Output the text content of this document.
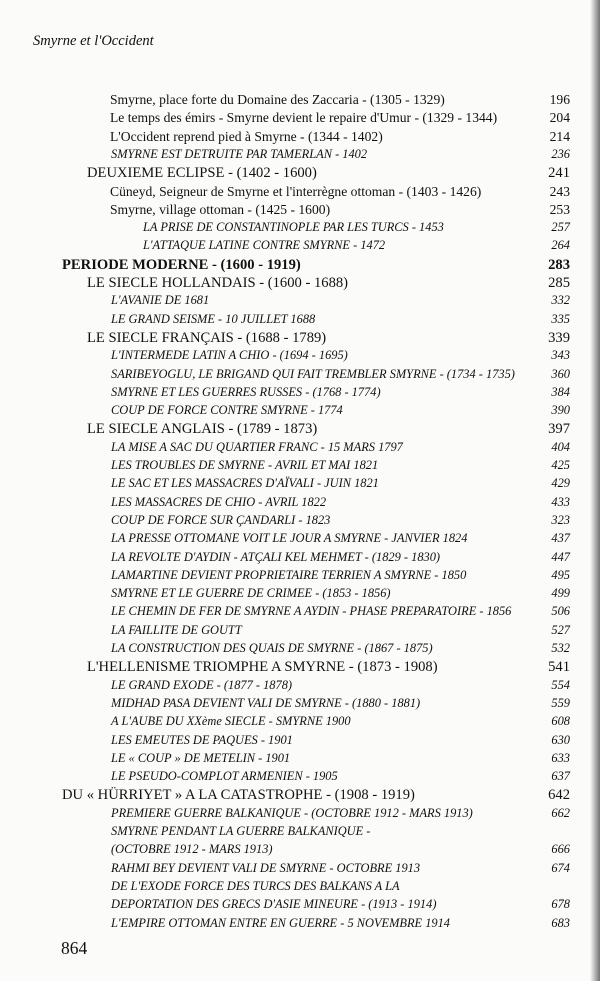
Smyrne et l'Occident
Smyrne, place forte du Domaine des Zaccaria - (1305 - 1329)	196
Le temps des émirs - Smyrne devient le repaire d'Umur - (1329 - 1344)	204
L'Occident reprend pied à Smyrne - (1344 - 1402)	214
SMYRNE EST DETRUITE PAR TAMERLAN - 1402	236
DEUXIEME ECLIPSE - (1402 - 1600)	241
Cüneyd, Seigneur de Smyrne et l'interrègne ottoman - (1403 - 1426)	243
Smyrne, village ottoman - (1425 - 1600)	253
LA PRISE DE CONSTANTINOPLE PAR LES TURCS - 1453	257
L'ATTAQUE LATINE CONTRE SMYRNE - 1472	264
PERIODE MODERNE - (1600 - 1919)	283
LE SIECLE HOLLANDAIS - (1600 - 1688)	285
L'AVANIE DE 1681	332
LE GRAND SEISME - 10 JUILLET 1688	335
LE SIECLE FRANÇAIS - (1688 - 1789)	339
L'INTERMEDE LATIN A CHIO - (1694 - 1695)	343
SARIBEYOGLU, LE BRIGAND QUI FAIT TREMBLER SMYRNE - (1734 - 1735)	360
SMYRNE ET LES GUERRES RUSSES - (1768 - 1774)	384
COUP DE FORCE CONTRE SMYRNE - 1774	390
LE SIECLE ANGLAIS - (1789 - 1873)	397
LA MISE A SAC DU QUARTIER FRANC - 15 MARS 1797	404
LES TROUBLES DE SMYRNE - AVRIL ET MAI 1821	425
LE SAC ET LES MASSACRES D'AÏVALI - JUIN 1821	429
LES MASSACRES DE CHIO - AVRIL 1822	433
COUP DE FORCE SUR ÇANDARLI - 1823	323
LA PRESSE OTTOMANE VOIT LE JOUR A SMYRNE - JANVIER 1824	437
LA REVOLTE D'AYDIN - ATÇALI KEL MEHMET - (1829 - 1830)	447
LAMARTINE DEVIENT PROPRIETAIRE TERRIEN A SMYRNE - 1850	495
SMYRNE ET LE GUERRE DE CRIMEE - (1853 - 1856)	499
LE CHEMIN DE FER DE SMYRNE A AYDIN - PHASE PREPARATOIRE - 1856	506
LA FAILLITE DE GOUTT	527
LA CONSTRUCTION DES QUAIS DE SMYRNE - (1867 - 1875)	532
L'HELLENISME TRIOMPHE A SMYRNE - (1873 - 1908)	541
LE GRAND EXODE - (1877 - 1878)	554
MIDHAD PASA DEVIENT VALI DE SMYRNE - (1880 - 1881)	559
A L'AUBE DU XXème SIECLE - SMYRNE 1900	608
LES EMEUTES DE PAQUES - 1901	630
LE « COUP » DE METELIN - 1901	633
LE PSEUDO-COMPLOT ARMENIEN - 1905	637
DU « HÜRRIYET » A LA CATASTROPHE - (1908 - 1919)	642
PREMIERE GUERRE BALKANIQUE - (OCTOBRE 1912 - MARS 1913)	662
SMYRNE PENDANT LA GUERRE BALKANIQUE -
(OCTOBRE 1912 - MARS 1913)	666
RAHMI BEY DEVIENT VALI DE SMYRNE - OCTOBRE 1913	674
DE L'EXODE FORCE DES TURCS DES BALKANS A LA
DEPORTATION DES GRECS D'ASIE MINEURE - (1913 - 1914)	678
L'EMPIRE OTTOMAN ENTRE EN GUERRE - 5 NOVEMBRE 1914	683
864
